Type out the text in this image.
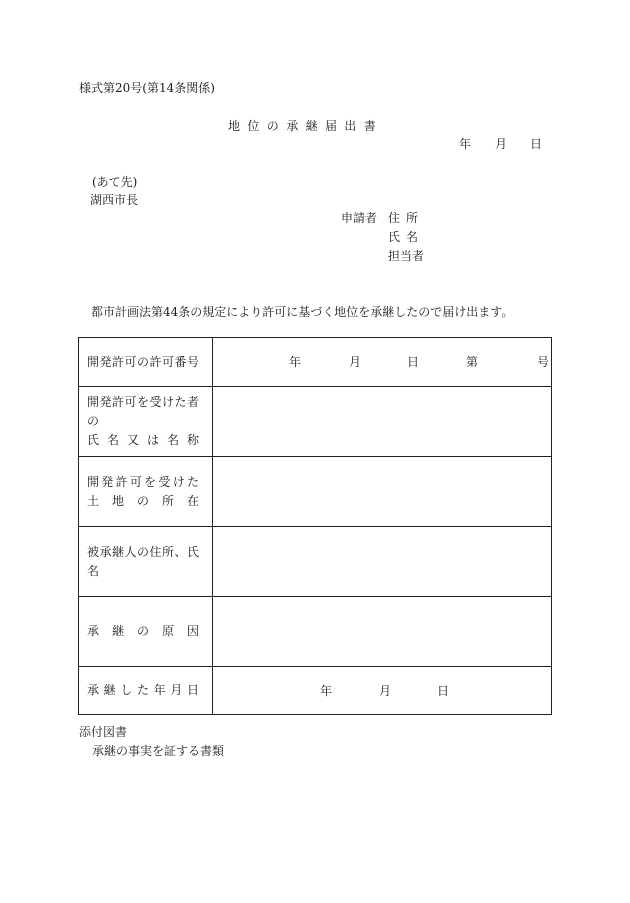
様式第20号(第14条関係)
地位の承継届出書
年 月 日
(あて先)
湖西市長
申請者 住所
氏名
担当者
都市計画法第44条の規定により許可に基づく地位を承継したので届け出ます。
開発許可の許可番号	年 月 日 第 号

開発許可を受けた者の
氏名又は名称	

開発許可を受けた
土地の所在	

被承継人の住所、氏名	

承継の原因	

承継した年月日	年 月 日
添付図書
承継の事実を証する書類
